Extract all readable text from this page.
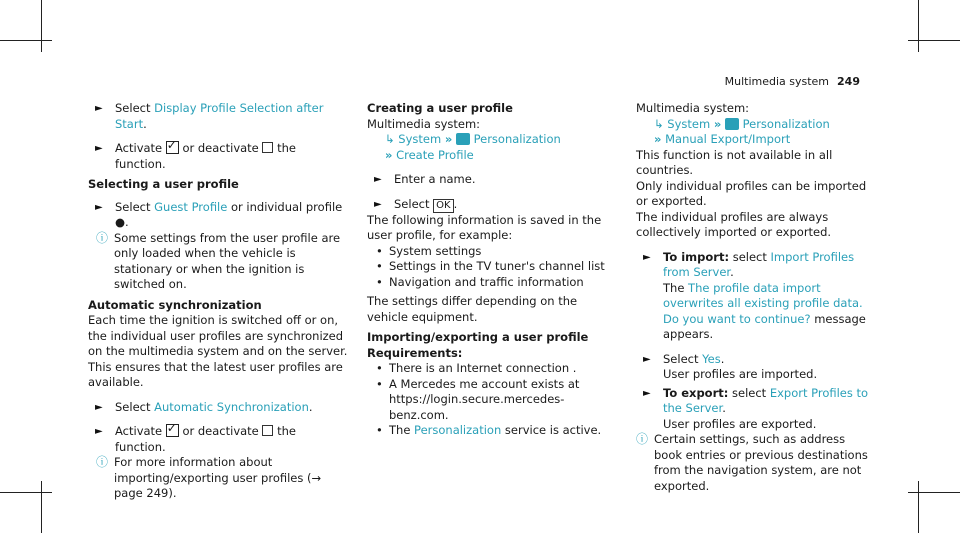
Multimedia system 249
► Select Display Profile Selection after Start.
► Activate ✓ or deactivate  the function.

Selecting a user profile

► Select Guest Profile or individual profile ●.
ⓘ Some settings from the user profile are only loaded when the vehicle is stationary or when the ignition is switched on.

Automatic synchronization

Each time the ignition is switched off or on, the individual user profiles are synchronized on the multimedia system and on the server. This ensures that the latest user profiles are available.

► Select Automatic Synchronization.
► Activate ✓ or deactivate  the function.
ⓘ For more information about importing/exporting user profiles (→ page 249).

Creating a user profile

Multimedia system:

↳ System » Personalization

» Create Profile

► Enter a name.
► Select OK .

The following information is saved in the user profile, for example:

• System settings
• Settings in the TV tuner's channel list
• Navigation and traffic information

The settings differ depending on the vehicle equipment.

Importing/exporting a user profile

Requirements:

• There is an Internet connection .
• A Mercedes me account exists at https://login.secure.mercedes-benz.com.
• The Personalization service is active.

Multimedia system:

↳ System » Personalization

» Manual Export/Import

This function is not available in all countries.

Only individual profiles can be imported or exported.

The individual profiles are always collectively imported or exported.

► To import: select Import Profiles from Server.
The The profile data import overwrites all existing profile data. Do you want to continue? message appears.
► Select Yes.
User profiles are imported.
► To export: select Export Profiles to the Server.
User profiles are exported.
ⓘ Certain settings, such as address book entries or previous destinations from the navigation system, are not exported.
